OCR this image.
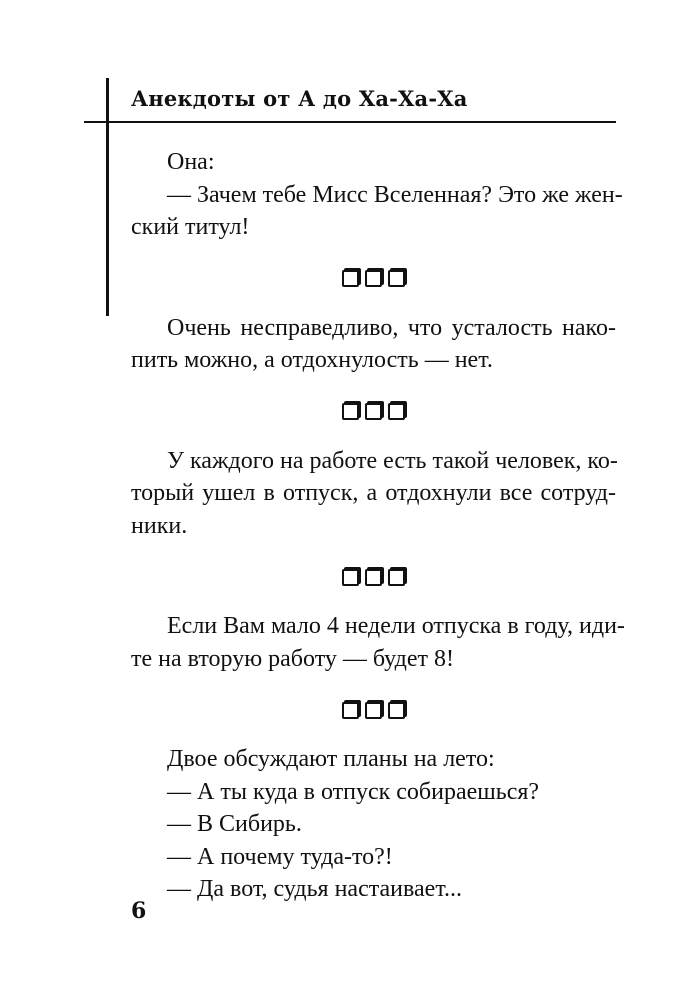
Анекдоты от А до Ха-Ха-Ха
Она:
— Зачем тебе Мисс Вселенная? Это же жен-
ский титул!
Очень несправедливо, что усталость нако-
пить можно, а отдохнулость — нет.
У каждого на работе есть такой человек, ко-
торый ушел в отпуск, а отдохнули все сотруд-
ники.
Если Вам мало 4 недели отпуска в году, иди-
те на вторую работу — будет 8!
Двое обсуждают планы на лето:
— А ты куда в отпуск собираешься?
— В Сибирь.
— А почему туда-то?!
— Да вот, судья настаивает...
6
